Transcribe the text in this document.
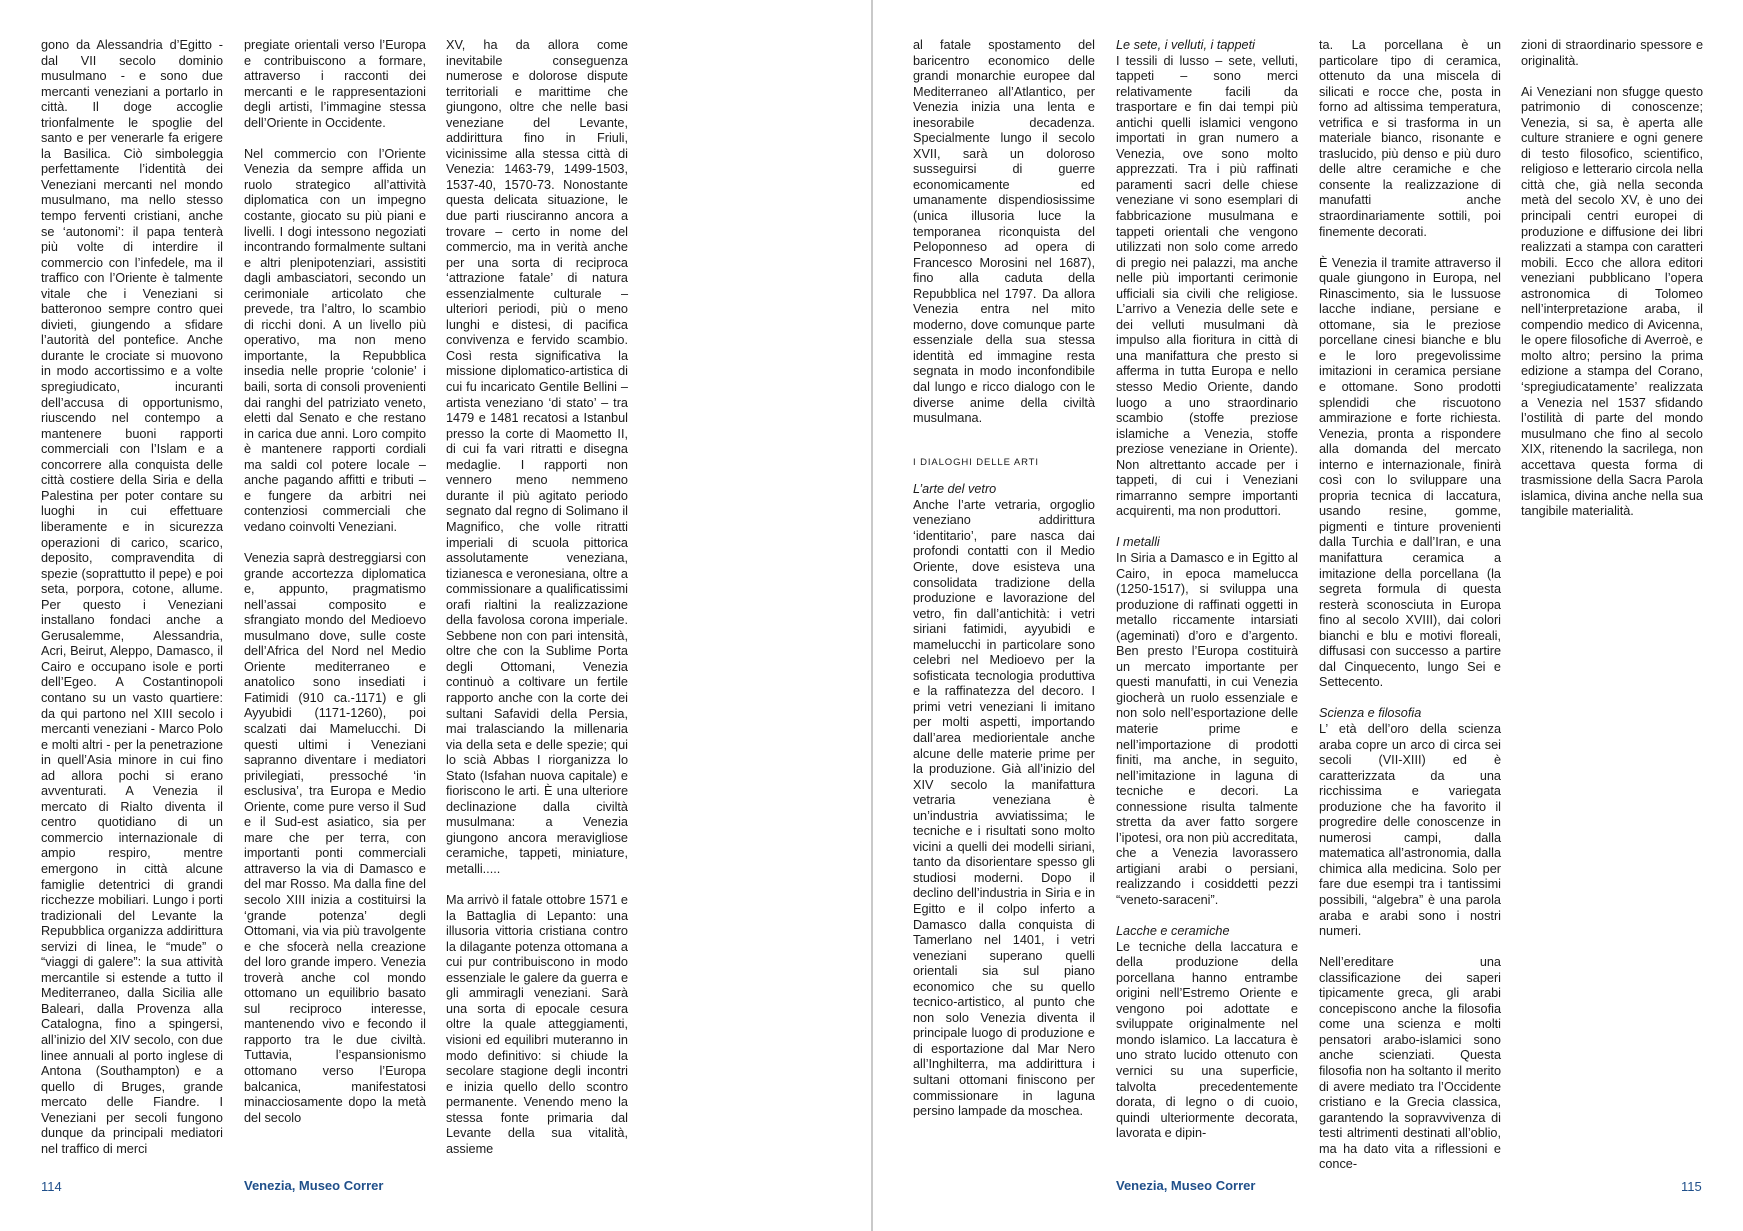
gono da Alessandria d’Egitto - dal VII secolo dominio musulmano - e sono due mercanti veneziani a portarlo in città. Il doge accoglie trionfalmente le spoglie del santo e per venerarle fa erigere la Basilica. Ciò simboleggia perfettamente l’identità dei Veneziani mercanti nel mondo musulmano, ma nello stesso tempo ferventi cristiani, anche se ‘autonomi’: il papa tenterà più volte di interdire il commercio con l’infedele, ma il traffico con l’Oriente è talmente vitale che i Veneziani si batteronoo sempre contro quei divieti, giungendo a sfidare l’autorità del pontefice. Anche durante le crociate si muovono in modo accortissimo e a volte spregiudicato, incuranti dell’accusa di opportunismo, riuscendo nel contempo a mantenere buoni rapporti commerciali con l’Islam e a concorrere alla conquista delle città costiere della Siria e della Palestina per poter contare su luoghi in cui effettuare liberamente e in sicurezza operazioni di carico, scarico, deposito, compravendita di spezie (soprattutto il pepe) e poi seta, porpora, cotone, allume. Per questo i Veneziani installano fondaci anche a Gerusalemme, Alessandria, Acri, Beirut, Aleppo, Damasco, il Cairo e occupano isole e porti dell’Egeo. A Costantinopoli contano su un vasto quartiere: da qui partono nel XIII secolo i mercanti veneziani - Marco Polo e molti altri - per la penetrazione in quell’Asia minore in cui fino ad allora pochi si erano avventurati. A Venezia il mercato di Rialto diventa il centro quotidiano di un commercio internazionale di ampio respiro, mentre emergono in città alcune famiglie detentrici di grandi ricchezze mobiliari. Lungo i porti tradizionali del Levante la Repubblica organizza addirittura servizi di linea, le “mude” o “viaggi di galere”: la sua attività mercantile si estende a tutto il Mediterraneo, dalla Sicilia alle Baleari, dalla Provenza alla Catalogna, fino a spingersi, all’inizio del XIV secolo, con due linee annuali al porto inglese di Antona (Southampton) e a quello di Bruges, grande mercato delle Fiandre. I Veneziani per secoli fungono dunque da principali mediatori nel traffico di merci

pregiate orientali verso l’Europa e contribuiscono a formare, attraverso i racconti dei mercanti e le rappresentazioni degli artisti, l’immagine stessa dell’Oriente in Occidente.

Nel commercio con l’Oriente Venezia da sempre affida un ruolo strategico all’attività diplomatica con un impegno costante, giocato su più piani e livelli. I dogi intessono negoziati incontrando formalmente sultani e altri plenipotenziari, assistiti dagli ambasciatori, secondo un cerimoniale articolato che prevede, tra l’altro, lo scambio di ricchi doni. A un livello più operativo, ma non meno importante, la Repubblica insedia nelle proprie ‘colonie’ i baili, sorta di consoli provenienti dai ranghi del patriziato veneto, eletti dal Senato e che restano in carica due anni. Loro compito è mantenere rapporti cordiali ma saldi col potere locale – anche pagando affitti e tributi – e fungere da arbitri nei contenziosi commerciali che vedano coinvolti Veneziani.

Venezia saprà destreggiarsi con grande accortezza diplomatica e, appunto, pragmatismo nell’assai composito e sfrangiato mondo del Medioevo musulmano dove, sulle coste dell’Africa del Nord nel Medio Oriente mediterraneo e anatolico sono insediati i Fatimidi (910 ca.-1171) e gli Ayyubidi (1171-1260), poi scalzati dai Mamelucchi. Di questi ultimi i Veneziani sapranno diventare i mediatori privilegiati, pressoché ‘in esclusiva’, tra Europa e Medio Oriente, come pure verso il Sud e il Sud-est asiatico, sia per mare che per terra, con importanti ponti commerciali attraverso la via di Damasco e del mar Rosso. Ma dalla fine del secolo XIII inizia a costituirsi la ‘grande potenza’ degli Ottomani, via via più travolgente e che sfocerà nella creazione del loro grande impero. Venezia troverà anche col mondo ottomano un equilibrio basato sul reciproco interesse, mantenendo vivo e fecondo il rapporto tra le due civiltà. Tuttavia, l’espansionismo ottomano verso l’Europa balcanica, manifestatosi minacciosamente dopo la metà del secolo

XV, ha da allora come inevitabile conseguenza numerose e dolorose dispute territoriali e marittime che giungono, oltre che nelle basi veneziane del Levante, addirittura fino in Friuli, vicinissime alla stessa città di Venezia: 1463-79, 1499-1503, 1537-40, 1570-73. Nonostante questa delicata situazione, le due parti riusciranno ancora a trovare – certo in nome del commercio, ma in verità anche per una sorta di reciproca ‘attrazione fatale’ di natura essenzialmente culturale – ulteriori periodi, più o meno lunghi e distesi, di pacifica convivenza e fervido scambio. Così resta significativa la missione diplomatico-artistica di cui fu incaricato Gentile Bellini – artista veneziano ‘di stato’ – tra 1479 e 1481 recatosi a Istanbul presso la corte di Maometto II, di cui fa vari ritratti e disegna medaglie. I rapporti non vennero meno nemmeno durante il più agitato periodo segnato dal regno di Solimano il Magnifico, che volle ritratti imperiali di scuola pittorica assolutamente veneziana, tizianesca e veronesiana, oltre a commissionare a qualificatissimi orafi rialtini la realizzazione della favolosa corona imperiale. Sebbene non con pari intensità, oltre che con la Sublime Porta degli Ottomani, Venezia continuò a coltivare un fertile rapporto anche con la corte dei sultani Safavidi della Persia, mai tralasciando la millenaria via della seta e delle spezie; qui lo scià Abbas I riorganizza lo Stato (Isfahan nuova capitale) e fioriscono le arti. È una ulteriore declinazione dalla civiltà musulmana: a Venezia giungono ancora meravigliose ceramiche, tappeti, miniature, metalli.....

Ma arrivò il fatale ottobre 1571 e la Battaglia di Lepanto: una illusoria vittoria cristiana contro la dilagante potenza ottomana a cui pur contribuiscono in modo essenziale le galere da guerra e gli ammiragli veneziani. Sarà una sorta di epocale cesura oltre la quale atteggiamenti, visioni ed equilibri muteranno in modo definitivo: si chiude la secolare stagione degli incontri e inizia quello dello scontro permanente. Venendo meno la stessa fonte primaria dal Levante della sua vitalità, assieme

114	Venezia, Museo Correr

al fatale spostamento del baricentro economico delle grandi monarchie europee dal Mediterraneo all’Atlantico, per Venezia inizia una lenta e inesorabile decadenza. Specialmente lungo il secolo XVII, sarà un doloroso susseguirsi di guerre economicamente ed umanamente dispendiosissime (unica illusoria luce la temporanea riconquista del Peloponneso ad opera di Francesco Morosini nel 1687), fino alla caduta della Repubblica nel 1797. Da allora Venezia entra nel mito moderno, dove comunque parte essenziale della sua stessa identità ed immagine resta segnata in modo inconfondibile dal lungo e ricco dialogo con le diverse anime della civiltà musulmana.

I DIALOGHI DELLE ARTI
L’arte del vetro

Anche l’arte vetraria, orgoglio veneziano addirittura ‘identitario’, pare nasca dai profondi contatti con il Medio Oriente, dove esisteva una consolidata tradizione della produzione e lavorazione del vetro, fin dall’antichità: i vetri siriani fatimidi, ayyubidi e mamelucchi in particolare sono celebri nel Medioevo per la sofisticata tecnologia produttiva e la raffinatezza del decoro. I primi vetri veneziani li imitano per molti aspetti, importando dall’area mediorientale anche alcune delle materie prime per la produzione. Già all’inizio del XIV secolo la manifattura vetraria veneziana è un’industria avviatissima; le tecniche e i risultati sono molto vicini a quelli dei modelli siriani, tanto da disorientare spesso gli studiosi moderni. Dopo il declino dell’industria in Siria e in Egitto e il colpo inferto a Damasco dalla conquista di Tamerlano nel 1401, i vetri veneziani superano quelli orientali sia sul piano economico che su quello tecnico-artistico, al punto che non solo Venezia diventa il principale luogo di produzione e di esportazione dal Mar Nero all’Inghilterra, ma addirittura i sultani ottomani finiscono per commissionare in laguna persino lampade da moschea.

Le sete, i velluti, i tappeti

I tessili di lusso – sete, velluti, tappeti – sono merci relativamente facili da trasportare e fin dai tempi più antichi quelli islamici vengono importati in gran numero a Venezia, ove sono molto apprezzati. Tra i più raffinati paramenti sacri delle chiese veneziane vi sono esemplari di fabbricazione musulmana e tappeti orientali che vengono utilizzati non solo come arredo di pregio nei palazzi, ma anche nelle più importanti cerimonie ufficiali sia civili che religiose. L’arrivo a Venezia delle sete e dei velluti musulmani dà impulso alla fioritura in città di una manifattura che presto si afferma in tutta Europa e nello stesso Medio Oriente, dando luogo a uno straordinario scambio (stoffe preziose islamiche a Venezia, stoffe preziose veneziane in Oriente). Non altrettanto accade per i tappeti, di cui i Veneziani rimarranno sempre importanti acquirenti, ma non produttori.

I metalli

In Siria a Damasco e in Egitto al Cairo, in epoca mamelucca (1250-1517), si sviluppa una produzione di raffinati oggetti in metallo riccamente intarsiati (ageminati) d’oro e d’argento. Ben presto l’Europa costituirà un mercato importante per questi manufatti, in cui Venezia giocherà un ruolo essenziale e non solo nell’esportazione delle materie prime e nell’importazione di prodotti finiti, ma anche, in seguito, nell’imitazione in laguna di tecniche e decori. La connessione risulta talmente stretta da aver fatto sorgere l’ipotesi, ora non più accreditata, che a Venezia lavorassero artigiani arabi o persiani, realizzando i cosiddetti pezzi “veneto-saraceni”.

Lacche e ceramiche

Le tecniche della laccatura e della produzione della porcellana hanno entrambe origini nell’Estremo Oriente e vengono poi adottate e sviluppate originalmente nel mondo islamico. La laccatura è uno strato lucido ottenuto con vernici su una superficie, talvolta precedentemente dorata, di legno o di cuoio, quindi ulteriormente decorata, lavorata e dipin-

ta. La porcellana è un particolare tipo di ceramica, ottenuto da una miscela di silicati e rocce che, posta in forno ad altissima temperatura, vetrifica e si trasforma in un materiale bianco, risonante e traslucido, più denso e più duro delle altre ceramiche e che consente la realizzazione di manufatti anche straordinariamente sottili, poi finemente decorati.

È Venezia il tramite attraverso il quale giungono in Europa, nel Rinascimento, sia le lussuose lacche indiane, persiane e ottomane, sia le preziose porcellane cinesi bianche e blu e le loro pregevolissime imitazioni in ceramica persiane e ottomane. Sono prodotti splendidi che riscuotono ammirazione e forte richiesta. Venezia, pronta a rispondere alla domanda del mercato interno e internazionale, finirà così con lo sviluppare una propria tecnica di laccatura, usando resine, gomme, pigmenti e tinture provenienti dalla Turchia e dall’Iran, e una manifattura ceramica a imitazione della porcellana (la segreta formula di questa resterà sconosciuta in Europa fino al secolo XVIII), dai colori bianchi e blu e motivi floreali, diffusasi con successo a partire dal Cinquecento, lungo Sei e Settecento.

Scienza e filosofia

L’ età dell’oro della scienza araba copre un arco di circa sei secoli (VII-XIII) ed è caratterizzata da una ricchissima e variegata produzione che ha favorito il progredire delle conoscenze in numerosi campi, dalla matematica all’astronomia, dalla chimica alla medicina. Solo per fare due esempi tra i tantissimi possibili, “algebra” è una parola araba e arabi sono i nostri numeri.

Nell’ereditare una classificazione dei saperi tipicamente greca, gli arabi concepiscono anche la filosofia come una scienza e molti pensatori arabo-islamici sono anche scienziati. Questa filosofia non ha soltanto il merito di avere mediato tra l’Occidente cristiano e la Grecia classica, garantendo la sopravvivenza di testi altrimenti destinati all’oblio, ma ha dato vita a riflessioni e conce-

zioni di straordinario spessore e originalità.

Ai Veneziani non sfugge questo patrimonio di conoscenze; Venezia, si sa, è aperta alle culture straniere e ogni genere di testo filosofico, scientifico, religioso e letterario circola nella città che, già nella seconda metà del secolo XV, è uno dei principali centri europei di produzione e diffusione dei libri realizzati a stampa con caratteri mobili. Ecco che allora editori veneziani pubblicano l’opera astronomica di Tolomeo nell’interpretazione araba, il compendio medico di Avicenna, le opere filosofiche di Averroè, e molto altro; persino la prima edizione a stampa del Corano, ‘spregiudicatamente’ realizzata a Venezia nel 1537 sfidando l’ostilità di parte del mondo musulmano che fino al secolo XIX, ritenendo la sacrilega, non accettava questa forma di trasmissione della Sacra Parola islamica, divina anche nella sua tangibile materialità.

Venezia, Museo Correr	115
